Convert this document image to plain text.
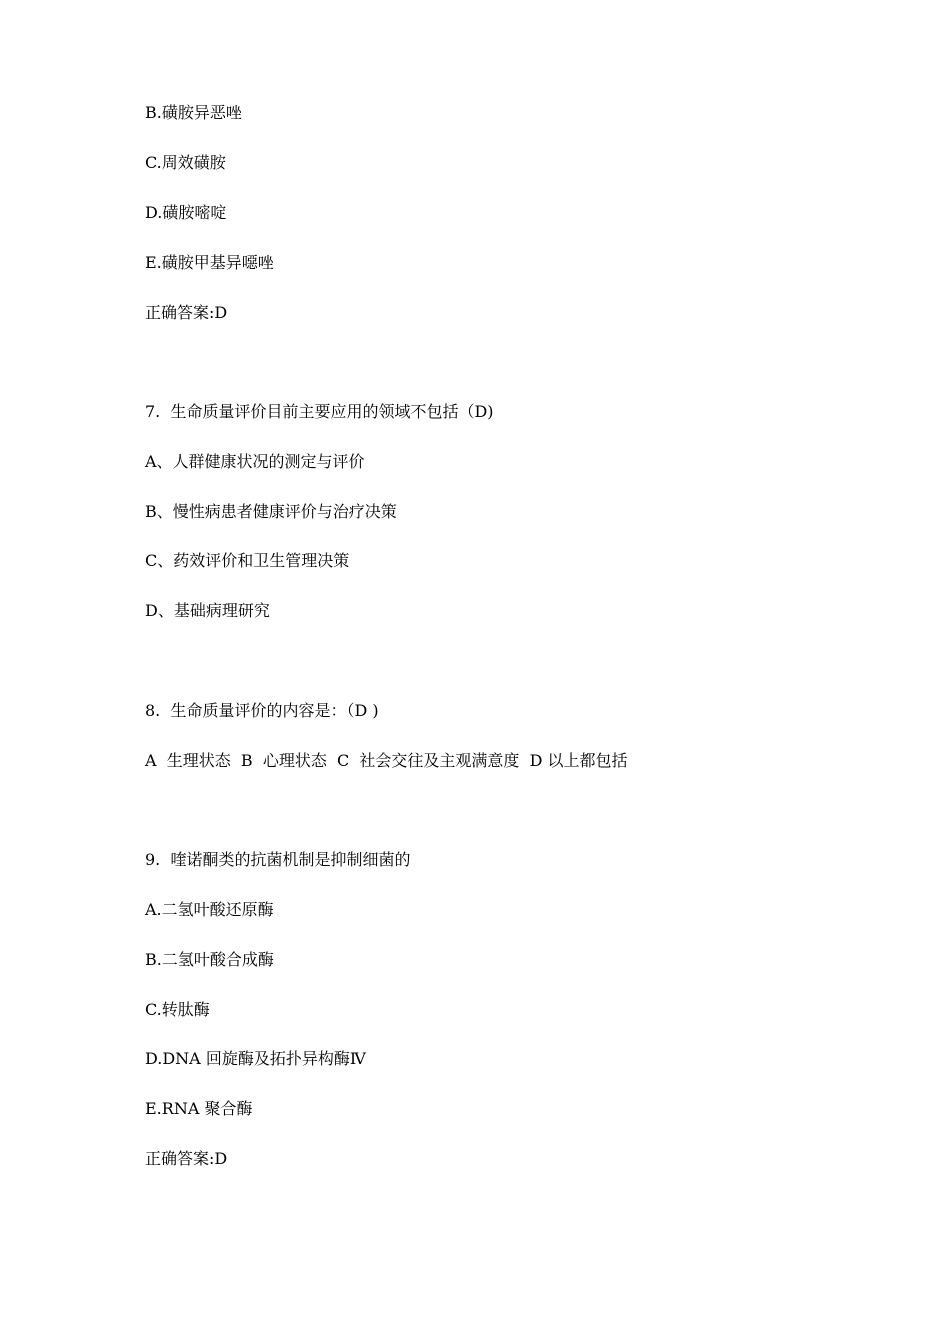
B.磺胺异恶唑

C.周效磺胺

D.磺胺嘧啶

E.磺胺甲基异噁唑

正确答案:D

7.  生命质量评价目前主要应用的领域不包括（D)

A、人群健康状况的测定与评价

B、慢性病患者健康评价与治疗决策

C、药效评价和卫生管理决策

D、基础病理研究

8.  生命质量评价的内容是：（D )

A  生理状态  B  心理状态  C  社会交往及主观满意度  D 以上都包括

9.  喹诺酮类的抗菌机制是抑制细菌的

A.二氢叶酸还原酶

B.二氢叶酸合成酶

C.转肽酶

D.DNA 回旋酶及拓扑异构酶Ⅳ

E.RNA 聚合酶

正确答案:D
